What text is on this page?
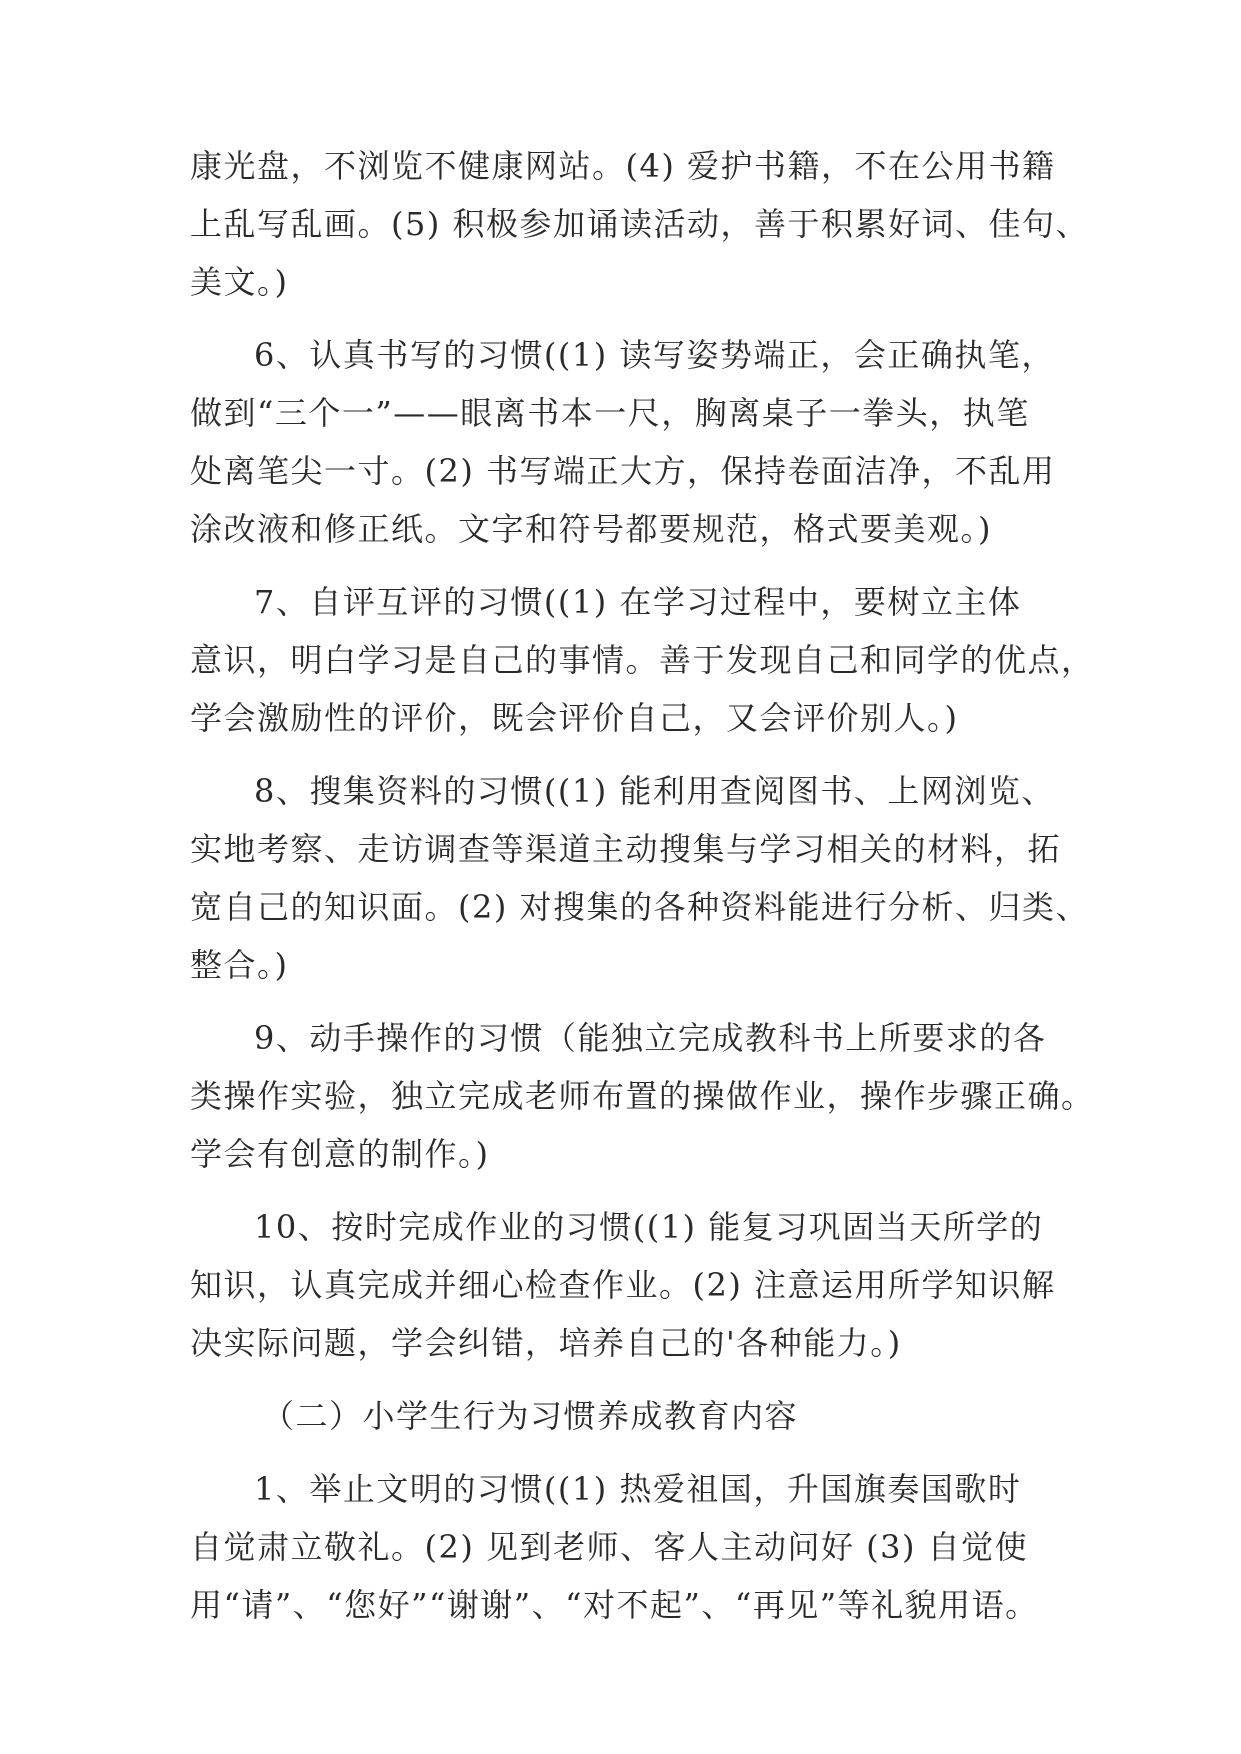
康光盘，不浏览不健康网站。(4) 爱护书籍，不在公用书籍
上乱写乱画。(5) 积极参加诵读活动，善于积累好词、佳句、
美文。)
6、认真书写的习惯((1) 读写姿势端正，会正确执笔，
做到“三个一”——眼离书本一尺，胸离桌子一拳头，执笔
处离笔尖一寸。(2) 书写端正大方，保持卷面洁净，不乱用
涂改液和修正纸。文字和符号都要规范，格式要美观。)
7、自评互评的习惯((1) 在学习过程中，要树立主体
意识，明白学习是自己的事情。善于发现自己和同学的优点，
学会激励性的评价，既会评价自己，又会评价别人。)
8、搜集资料的习惯((1) 能利用查阅图书、上网浏览、
实地考察、走访调查等渠道主动搜集与学习相关的材料，拓
宽自己的知识面。(2) 对搜集的各种资料能进行分析、归类、
整合。)
9、动手操作的习惯（能独立完成教科书上所要求的各
类操作实验，独立完成老师布置的操做作业，操作步骤正确。
学会有创意的制作。)
10、按时完成作业的习惯((1) 能复习巩固当天所学的
知识，认真完成并细心检查作业。(2) 注意运用所学知识解
决实际问题，学会纠错，培养自己的'各种能力。)
（二）小学生行为习惯养成教育内容
1、举止文明的习惯((1) 热爱祖国，升国旗奏国歌时
自觉肃立敬礼。(2) 见到老师、客人主动问好 (3) 自觉使
用“请”、“您好”“谢谢”、“对不起”、“再见”等礼貌用语。
